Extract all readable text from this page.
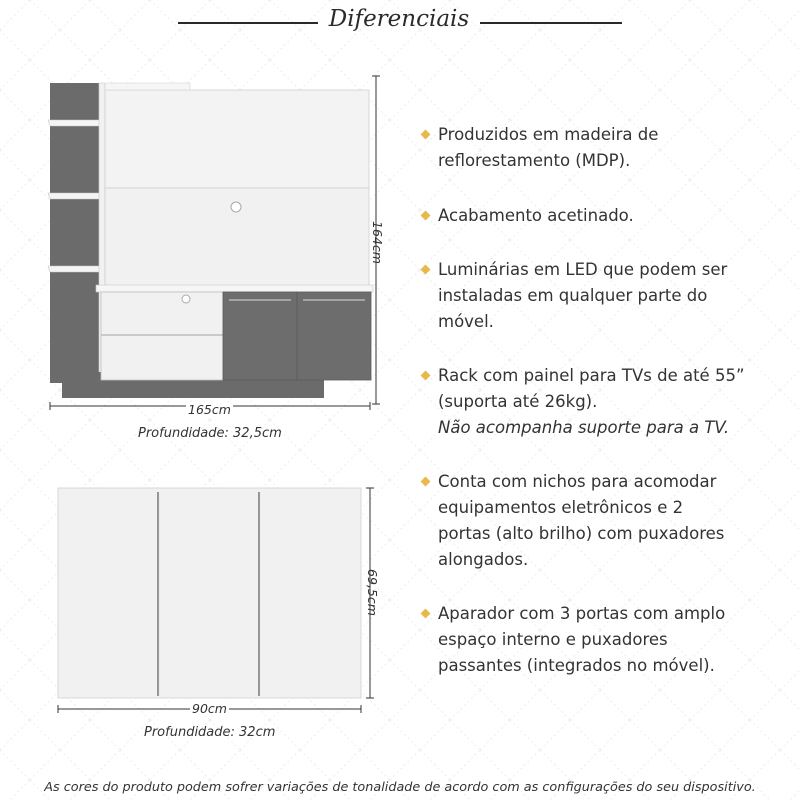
Diferenciais
164cm
165cm
Profundidade: 32,5cm
69,5cm
90cm
Profundidade: 32cm
Produzidos em madeira de
reflorestamento (MDP).
Acabamento acetinado.
Luminárias em LED que podem ser
instaladas em qualquer parte do
móvel.
Rack com painel para TVs de até 55”
(suporta até 26kg).
Não acompanha suporte para a TV.
Conta com nichos para acomodar
equipamentos eletrônicos e 2
portas (alto brilho) com puxadores
alongados.
Aparador com 3 portas com amplo
espaço interno e puxadores
passantes (integrados no móvel).
As cores do produto podem sofrer variações de tonalidade de acordo com as configurações do seu dispositivo.
